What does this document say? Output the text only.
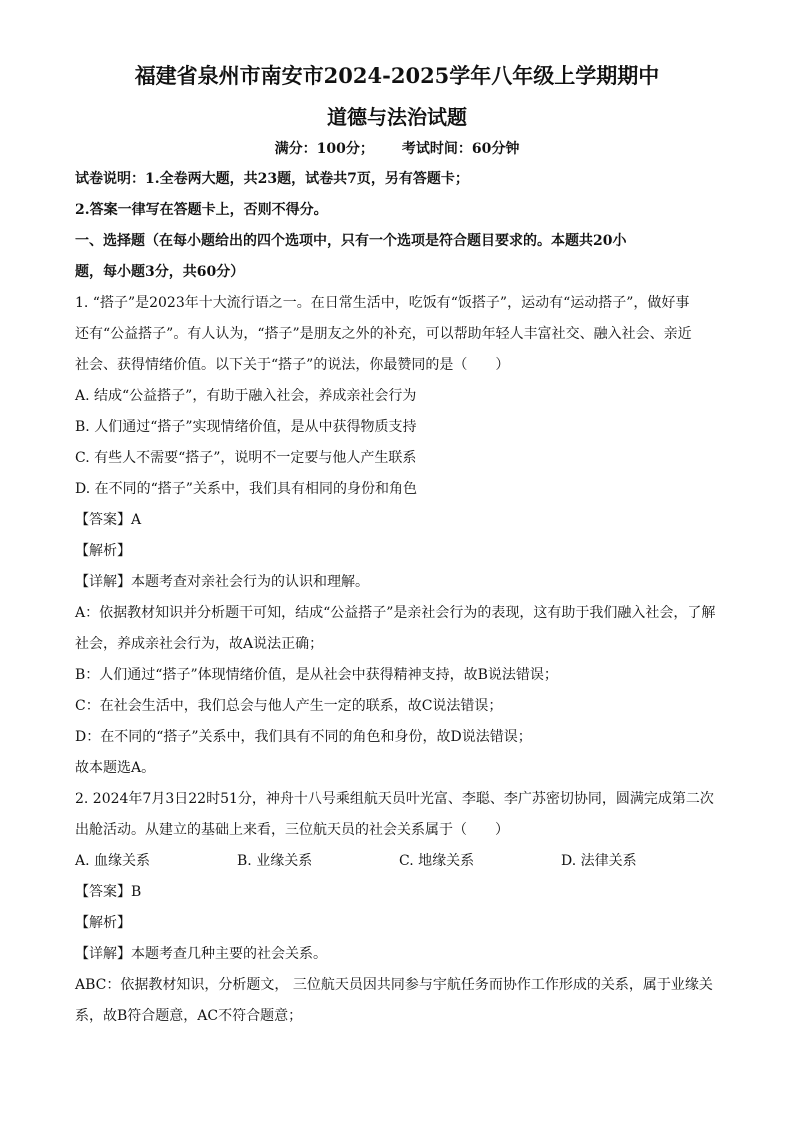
福建省泉州市南安市2024-2025学年八年级上学期期中
道德与法治试题
满分：100分； 考试时间：60分钟

试卷说明：1.全卷两大题，共23题，试卷共7页，另有答题卡；

2.答案一律写在答题卡上，否则不得分。

一、选择题（在每小题给出的四个选项中，只有一个选项是符合题目要求的。本题共20小

题，每小题3分，共60分）

1. “搭子”是2023年十大流行语之一。在日常生活中，吃饭有“饭搭子”，运动有“运动搭子”，做好事

还有“公益搭子”。有人认为，“搭子”是朋友之外的补充，可以帮助年轻人丰富社交、融入社会、亲近

社会、获得情绪价值。以下关于“搭子”的说法，你最赞同的是（　　）

A. 结成“公益搭子”，有助于融入社会，养成亲社会行为

B. 人们通过“搭子”实现情绪价值，是从中获得物质支持

C. 有些人不需要“搭子”，说明不一定要与他人产生联系

D. 在不同的“搭子”关系中，我们具有相同的身份和角色

【答案】A

【解析】

【详解】本题考查对亲社会行为的认识和理解。

A：依据教材知识并分析题干可知，结成“公益搭子”是亲社会行为的表现，这有助于我们融入社会，了解

社会，养成亲社会行为，故A说法正确；

B：人们通过“搭子”体现情绪价值，是从社会中获得精神支持，故B说法错误；

C：在社会生活中，我们总会与他人产生一定的联系，故C说法错误；

D：在不同的“搭子”关系中，我们具有不同的角色和身份，故D说法错误；

故本题选A。

2. 2024年7月3日22时51分，神舟十八号乘组航天员叶光富、李聪、李广苏密切协同，圆满完成第二次

出舱活动。从建立的基础上来看，三位航天员的社会关系属于（　　）

A. 血缘关系	B. 业缘关系	C. 地缘关系	D. 法律关系

【答案】B

【解析】

【详解】本题考查几种主要的社会关系。

ABC：依据教材知识，分析题文， 三位航天员因共同参与宇航任务而协作工作形成的关系，属于业缘关

系，故B符合题意，AC不符合题意；
